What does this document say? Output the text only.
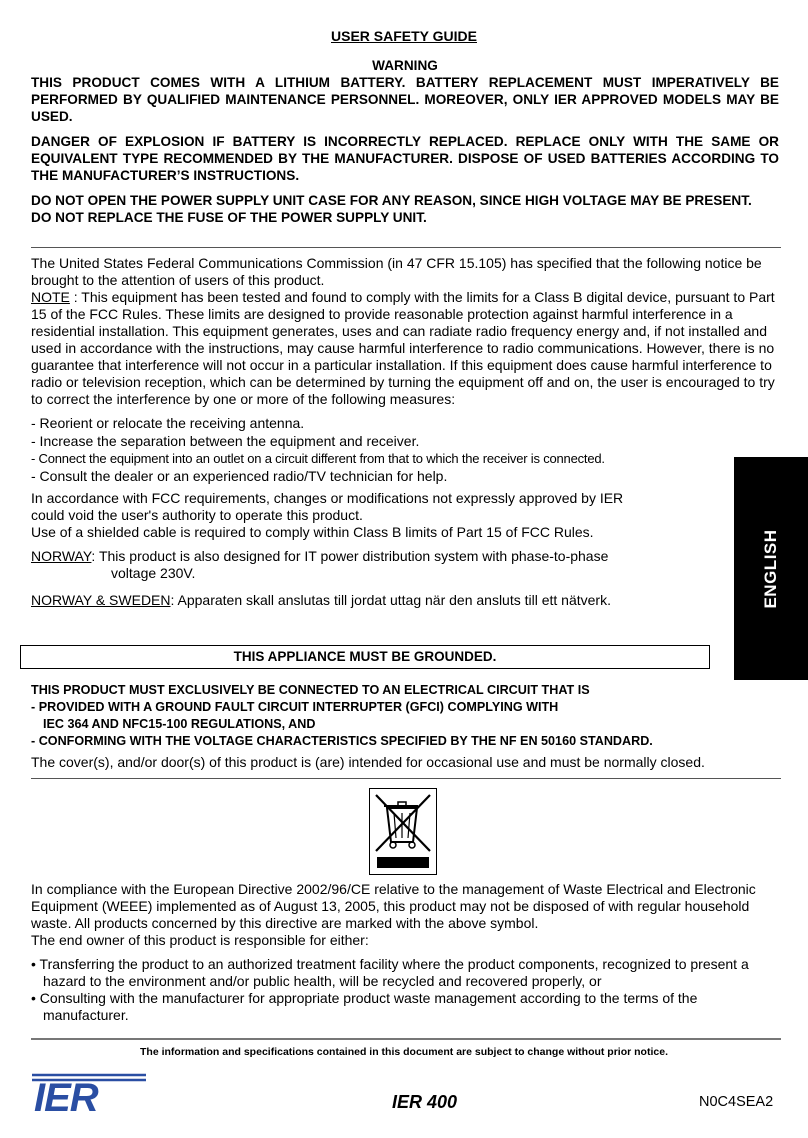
USER SAFETY GUIDE
WARNING

THIS PRODUCT COMES WITH A LITHIUM BATTERY. BATTERY REPLACEMENT MUST IMPERATIVELY BE PERFORMED BY QUALIFIED MAINTENANCE PERSONNEL. MOREOVER, ONLY IER APPROVED MODELS MAY BE USED.

DANGER OF EXPLOSION IF BATTERY IS INCORRECTLY REPLACED. REPLACE ONLY WITH THE SAME OR EQUIVALENT TYPE RECOMMENDED BY THE MANUFACTURER. DISPOSE OF USED BATTERIES ACCORDING TO THE MANUFACTURER’S INSTRUCTIONS.

DO NOT OPEN THE POWER SUPPLY UNIT CASE FOR ANY REASON, SINCE HIGH VOLTAGE MAY BE PRESENT.

DO NOT REPLACE THE FUSE OF THE POWER SUPPLY UNIT.

The United States Federal Communications Commission (in 47 CFR 15.105) has specified that the following notice be brought to the attention of users of this product.

NOTE : This equipment has been tested and found to comply with the limits for a Class B digital device, pursuant to Part 15 of the FCC Rules. These limits are designed to provide reasonable protection against harmful interference in a residential installation. This equipment generates, uses and can radiate radio frequency energy and, if not installed and used in accordance with the instructions, may cause harmful interference to radio communications. However, there is no guarantee that interference will not occur in a particular installation. If this equipment does cause harmful interference to radio or television reception, which can be determined by turning the equipment off and on, the user is encouraged to try to correct the interference by one or more of the following measures:

- Reorient or relocate the receiving antenna.
- Increase the separation between the equipment and receiver.
- Connect the equipment into an outlet on a circuit different from that to which the receiver is connected.
- Consult the dealer or an experienced radio/TV technician for help.
In accordance with FCC requirements, changes or modifications not expressly approved by IER
could void the user's authority to operate this product.
Use of a shielded cable is required to comply within Class B limits of Part 15 of FCC Rules.
NORWAY: This product is also designed for IT power distribution system with phase-to-phase
voltage 230V.
NORWAY & SWEDEN: Apparaten skall anslutas till jordat uttag när den ansluts till ett nätverk.	ENGLISH
THIS APPLIANCE MUST BE GROUNDED.
THIS PRODUCT MUST EXCLUSIVELY BE CONNECTED TO AN ELECTRICAL CIRCUIT THAT IS
- PROVIDED WITH A GROUND FAULT CIRCUIT INTERRUPTER (GFCI) COMPLYING WITH
IEC 364 AND NFC15-100 REGULATIONS, AND
- CONFORMING WITH THE VOLTAGE CHARACTERISTICS SPECIFIED BY THE NF EN 50160 STANDARD.
The cover(s), and/or door(s) of this product is (are) intended for occasional use and must be normally closed.

In compliance with the European Directive 2002/96/CE relative to the management of Waste Electrical and Electronic Equipment (WEEE) implemented as of August 13, 2005, this product may not be disposed of with regular household waste. All products concerned by this directive are marked with the above symbol.

The end owner of this product is responsible for either:

• Transferring the product to an authorized treatment facility where the product components, recognized to present a hazard to the environment and/or public health, will be recycled and recovered properly, or
• Consulting with the manufacturer for appropriate product waste management according to the terms of the manufacturer.
The information and specifications contained in this document are subject to change without prior notice.
IER	IER 400	N0C4SEA2
